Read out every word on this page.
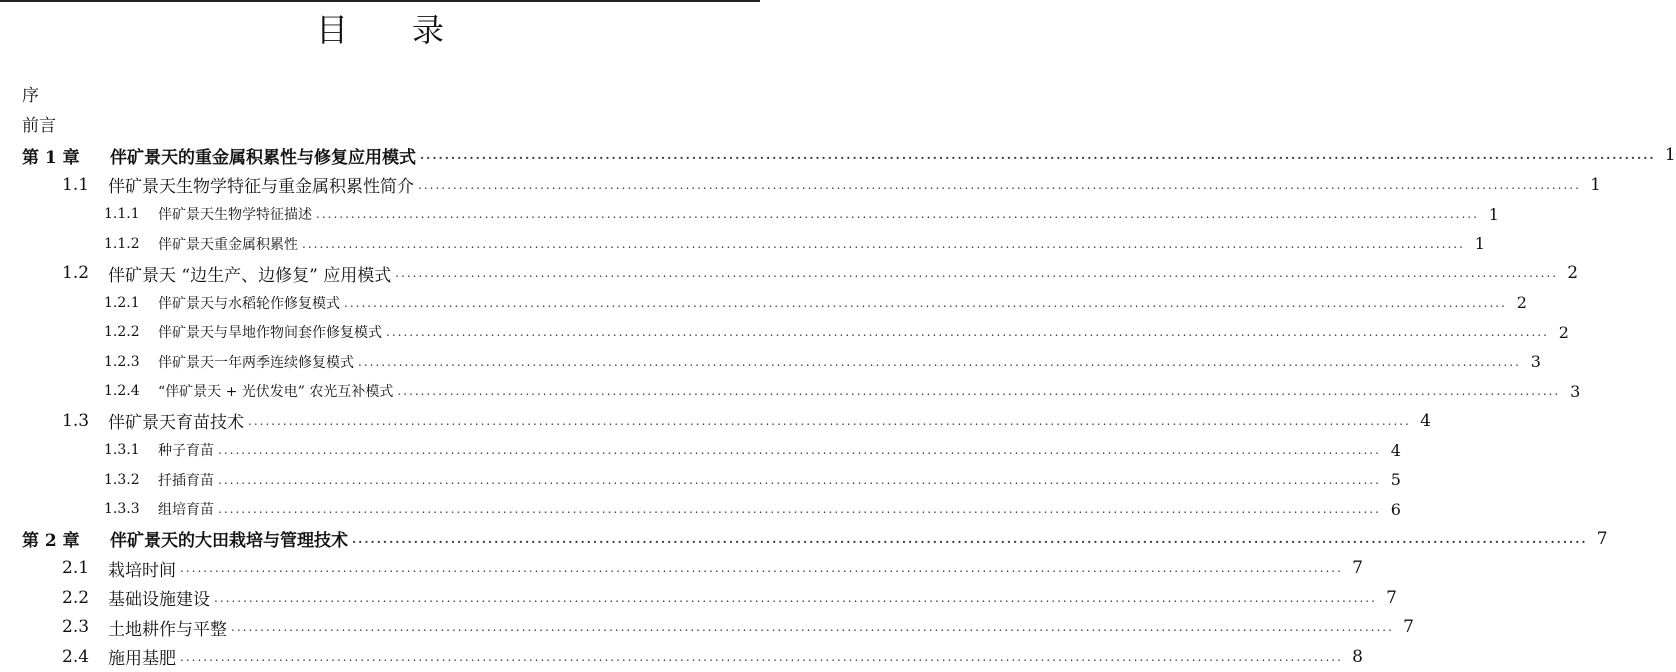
目录
序
前言
第 1 章	伴矿景天的重金属积累性与修复应用模式 ........................................................................................................................................................................................................ 1
1.1	伴矿景天生物学特征与重金属积累性简介 ........................................................................................................................................................................................................ 1
1.1.1	伴矿景天生物学特征描述 ........................................................................................................................................................................................................ 1
1.1.2	伴矿景天重金属积累性 ........................................................................................................................................................................................................ 1
1.2	伴矿景天 “边生产、边修复” 应用模式 ........................................................................................................................................................................................................ 2
1.2.1	伴矿景天与水稻轮作修复模式 ........................................................................................................................................................................................................ 2
1.2.2	伴矿景天与旱地作物间套作修复模式 ........................................................................................................................................................................................................ 2
1.2.3	伴矿景天一年两季连续修复模式 ........................................................................................................................................................................................................ 3
1.2.4	“伴矿景天 + 光伏发电” 农光互补模式 ........................................................................................................................................................................................................ 3
1.3	伴矿景天育苗技术 ........................................................................................................................................................................................................ 4
1.3.1	种子育苗 ........................................................................................................................................................................................................ 4
1.3.2	扦插育苗 ........................................................................................................................................................................................................ 5
1.3.3	组培育苗 ........................................................................................................................................................................................................ 6
第 2 章	伴矿景天的大田栽培与管理技术 ........................................................................................................................................................................................................ 7
2.1	栽培时间 ........................................................................................................................................................................................................ 7
2.2	基础设施建设 ........................................................................................................................................................................................................ 7
2.3	土地耕作与平整 ........................................................................................................................................................................................................ 7
2.4	施用基肥 ........................................................................................................................................................................................................ 8
